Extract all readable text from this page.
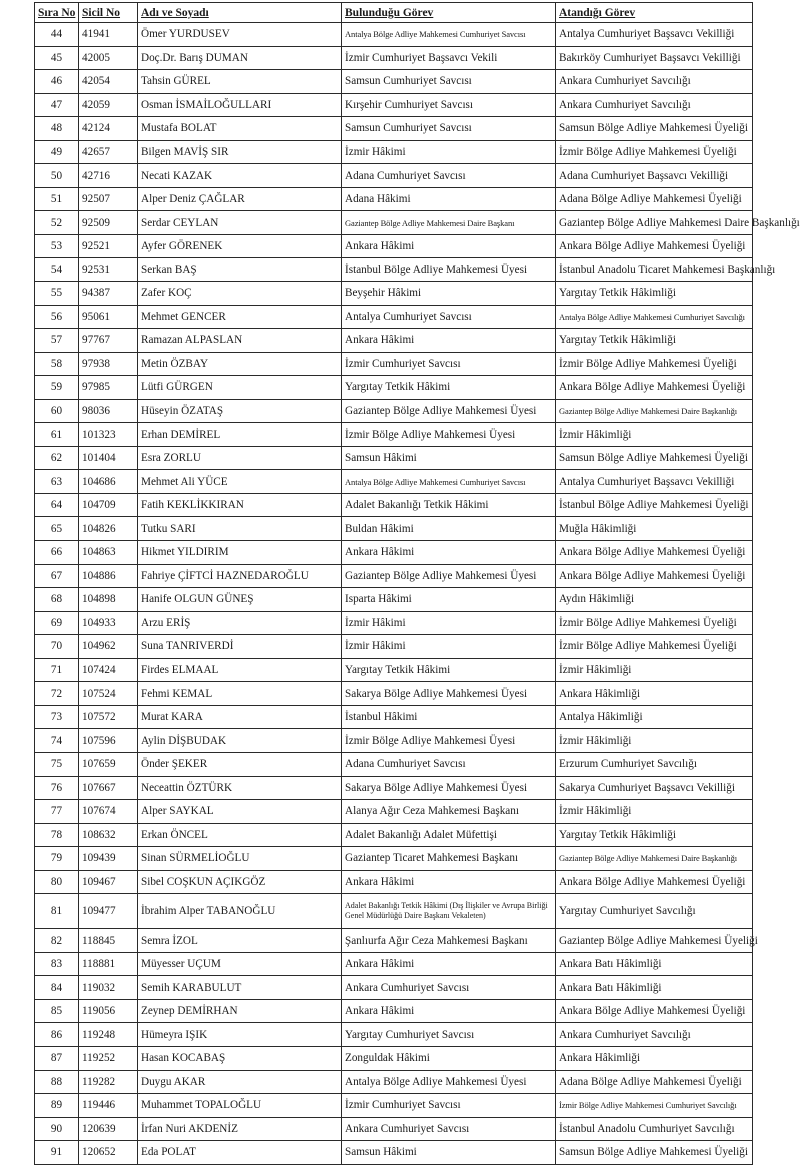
Sıra No	Sicil No	Adı ve Soyadı	Bulunduğu Görev	Atandığı Görev
44	41941	Ömer YURDUSEV	Antalya Bölge Adliye Mahkemesi Cumhuriyet Savcısı	Antalya Cumhuriyet Başsavcı Vekilliği
45	42005	Doç.Dr. Barış DUMAN	İzmir Cumhuriyet Başsavcı Vekili	Bakırköy Cumhuriyet Başsavcı Vekilliği
46	42054	Tahsin GÜREL	Samsun Cumhuriyet Savcısı	Ankara Cumhuriyet Savcılığı
47	42059	Osman İSMAİLOĞULLARI	Kırşehir Cumhuriyet Savcısı	Ankara Cumhuriyet Savcılığı
48	42124	Mustafa BOLAT	Samsun Cumhuriyet Savcısı	Samsun Bölge Adliye Mahkemesi Üyeliği
49	42657	Bilgen MAVİŞ SIR	İzmir Hâkimi	İzmir Bölge Adliye Mahkemesi Üyeliği
50	42716	Necati KAZAK	Adana Cumhuriyet Savcısı	Adana Cumhuriyet Başsavcı Vekilliği
51	92507	Alper Deniz ÇAĞLAR	Adana Hâkimi	Adana Bölge Adliye Mahkemesi Üyeliği
52	92509	Serdar CEYLAN	Gaziantep Bölge Adliye Mahkemesi Daire Başkanı	Gaziantep Bölge Adliye Mahkemesi Daire Başkanlığı
53	92521	Ayfer GÖRENEK	Ankara Hâkimi	Ankara Bölge Adliye Mahkemesi Üyeliği
54	92531	Serkan BAŞ	İstanbul Bölge Adliye Mahkemesi Üyesi	İstanbul Anadolu Ticaret Mahkemesi Başkanlığı
55	94387	Zafer KOÇ	Beyşehir Hâkimi	Yargıtay Tetkik Hâkimliği
56	95061	Mehmet GENCER	Antalya Cumhuriyet Savcısı	Antalya Bölge Adliye Mahkemesi Cumhuriyet Savcılığı
57	97767	Ramazan ALPASLAN	Ankara Hâkimi	Yargıtay Tetkik Hâkimliği
58	97938	Metin ÖZBAY	İzmir Cumhuriyet Savcısı	İzmir Bölge Adliye Mahkemesi Üyeliği
59	97985	Lütfi GÜRGEN	Yargıtay Tetkik Hâkimi	Ankara Bölge Adliye Mahkemesi Üyeliği
60	98036	Hüseyin ÖZATAŞ	Gaziantep Bölge Adliye Mahkemesi Üyesi	Gaziantep Bölge Adliye Mahkemesi Daire Başkanlığı
61	101323	Erhan DEMİREL	İzmir Bölge Adliye Mahkemesi Üyesi	İzmir Hâkimliği
62	101404	Esra ZORLU	Samsun Hâkimi	Samsun Bölge Adliye Mahkemesi Üyeliği
63	104686	Mehmet Ali YÜCE	Antalya Bölge Adliye Mahkemesi Cumhuriyet Savcısı	Antalya Cumhuriyet Başsavcı Vekilliği
64	104709	Fatih KEKLİKKIRAN	Adalet Bakanlığı Tetkik Hâkimi	İstanbul Bölge Adliye Mahkemesi Üyeliği
65	104826	Tutku SARI	Buldan Hâkimi	Muğla Hâkimliği
66	104863	Hikmet YILDIRIM	Ankara Hâkimi	Ankara Bölge Adliye Mahkemesi Üyeliği
67	104886	Fahriye ÇİFTCİ HAZNEDAROĞLU	Gaziantep Bölge Adliye Mahkemesi Üyesi	Ankara Bölge Adliye Mahkemesi Üyeliği
68	104898	Hanife OLGUN GÜNEŞ	Isparta Hâkimi	Aydın Hâkimliği
69	104933	Arzu ERİŞ	İzmir Hâkimi	İzmir Bölge Adliye Mahkemesi Üyeliği
70	104962	Suna TANRIVERDİ	İzmir Hâkimi	İzmir Bölge Adliye Mahkemesi Üyeliği
71	107424	Firdes ELMAAL	Yargıtay Tetkik Hâkimi	İzmir Hâkimliği
72	107524	Fehmi KEMAL	Sakarya Bölge Adliye Mahkemesi Üyesi	Ankara Hâkimliği
73	107572	Murat KARA	İstanbul Hâkimi	Antalya Hâkimliği
74	107596	Aylin DİŞBUDAK	İzmir Bölge Adliye Mahkemesi Üyesi	İzmir Hâkimliği
75	107659	Önder ŞEKER	Adana Cumhuriyet Savcısı	Erzurum Cumhuriyet Savcılığı
76	107667	Neceattin ÖZTÜRK	Sakarya Bölge Adliye Mahkemesi Üyesi	Sakarya Cumhuriyet Başsavcı Vekilliği
77	107674	Alper SAYKAL	Alanya Ağır Ceza Mahkemesi Başkanı	İzmir Hâkimliği
78	108632	Erkan ÖNCEL	Adalet Bakanlığı Adalet Müfettişi	Yargıtay Tetkik Hâkimliği
79	109439	Sinan SÜRMELİOĞLU	Gaziantep Ticaret Mahkemesi Başkanı	Gaziantep Bölge Adliye Mahkemesi Daire Başkanlığı
80	109467	Sibel COŞKUN AÇIKGÖZ	Ankara Hâkimi	Ankara Bölge Adliye Mahkemesi Üyeliği
81	109477	İbrahim Alper TABANOĞLU	Adalet Bakanlığı Tetkik Hâkimi (Dış İlişkiler ve Avrupa Birliği Genel Müdürlüğü Daire Başkanı Vekaleten)	Yargıtay Cumhuriyet Savcılığı
82	118845	Semra İZOL	Şanlıurfa Ağır Ceza Mahkemesi Başkanı	Gaziantep Bölge Adliye Mahkemesi Üyeliği
83	118881	Müyesser UÇUM	Ankara Hâkimi	Ankara Batı Hâkimliği
84	119032	Semih KARABULUT	Ankara Cumhuriyet Savcısı	Ankara Batı Hâkimliği
85	119056	Zeynep DEMİRHAN	Ankara Hâkimi	Ankara Bölge Adliye Mahkemesi Üyeliği
86	119248	Hümeyra IŞIK	Yargıtay Cumhuriyet Savcısı	Ankara Cumhuriyet Savcılığı
87	119252	Hasan KOCABAŞ	Zonguldak Hâkimi	Ankara Hâkimliği
88	119282	Duygu AKAR	Antalya Bölge Adliye Mahkemesi Üyesi	Adana Bölge Adliye Mahkemesi Üyeliği
89	119446	Muhammet TOPALOĞLU	İzmir Cumhuriyet Savcısı	İzmir Bölge Adliye Mahkemesi Cumhuriyet Savcılığı
90	120639	İrfan Nuri AKDENİZ	Ankara Cumhuriyet Savcısı	İstanbul Anadolu Cumhuriyet Savcılığı
91	120652	Eda POLAT	Samsun Hâkimi	Samsun Bölge Adliye Mahkemesi Üyeliği
